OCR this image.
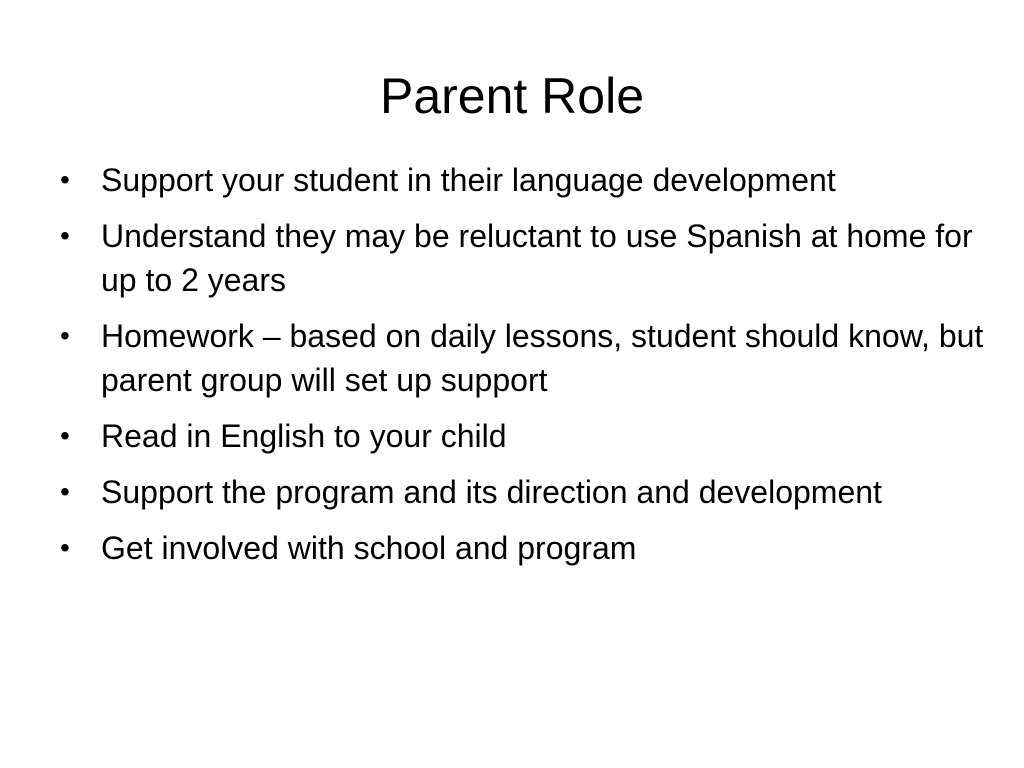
Parent Role
• Support your student in their language development
• Understand they may be reluctant to use Spanish at home for up to 2 years
• Homework – based on daily lessons, student should know, but parent group will set up support
• Read in English to your child
• Support the program and its direction and development
• Get involved with school and program
